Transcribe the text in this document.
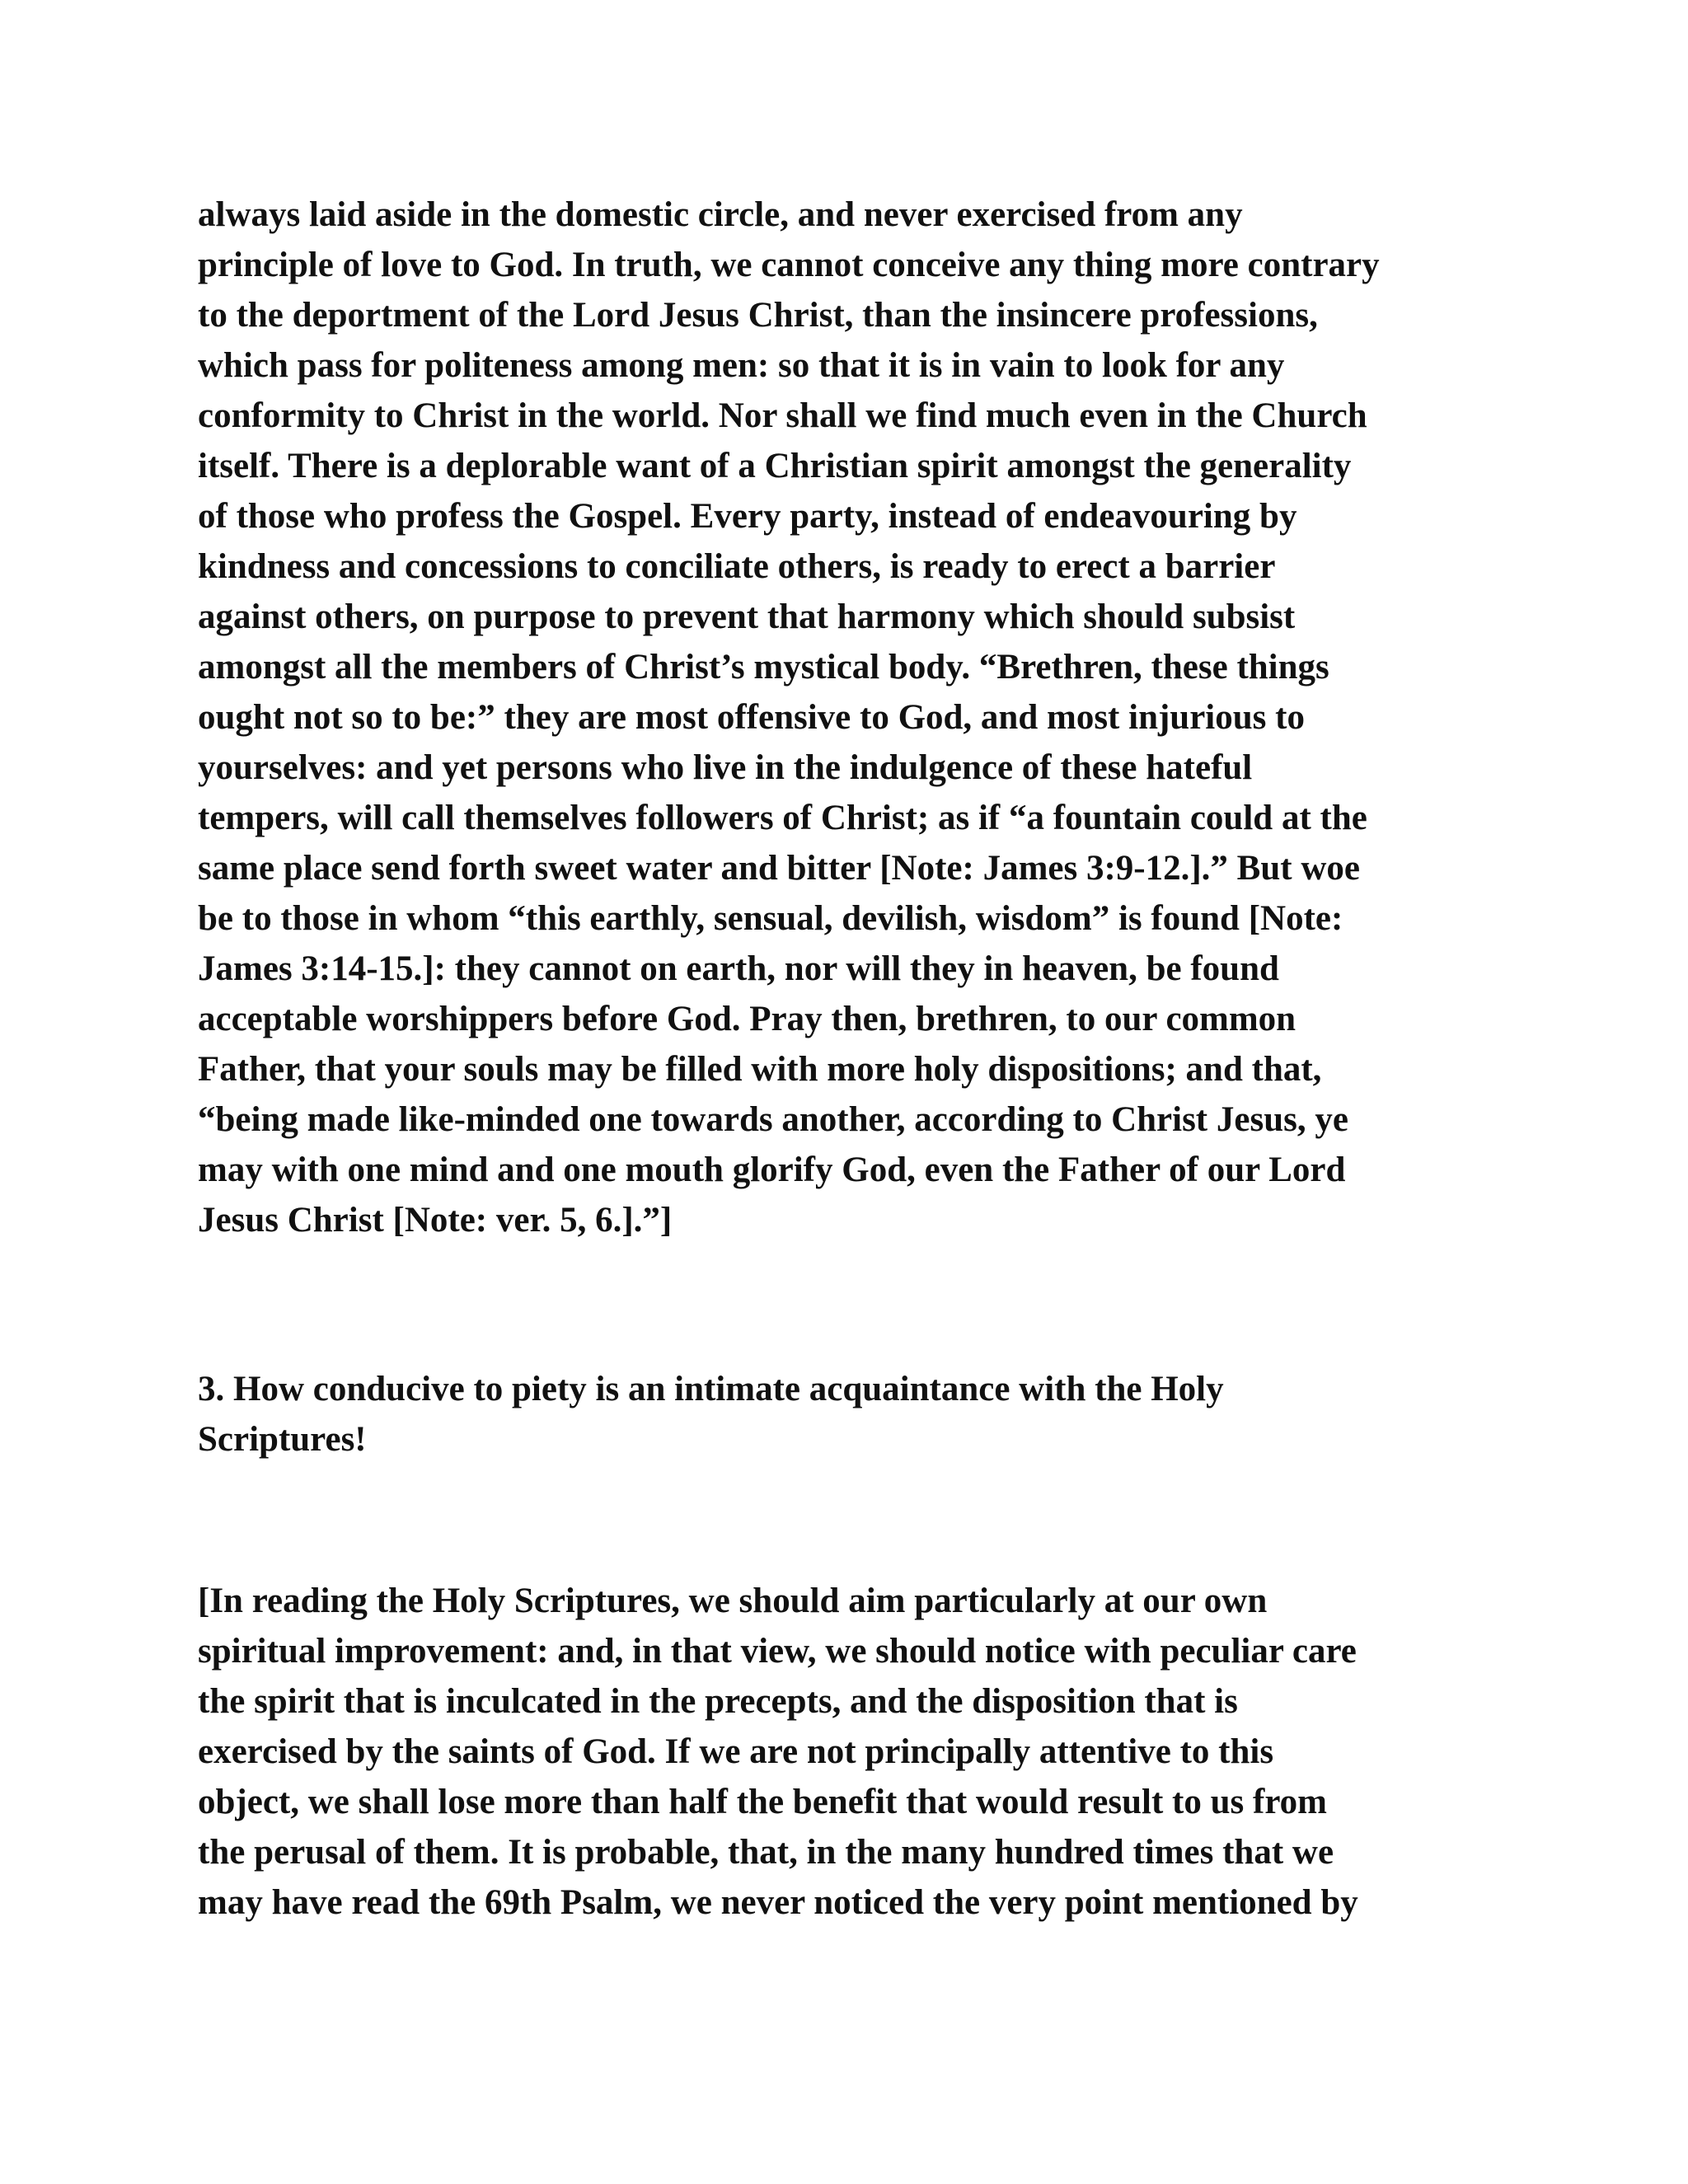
always laid aside in the domestic circle, and never exercised from any
principle of love to God. In truth, we cannot conceive any thing more contrary
to the deportment of the Lord Jesus Christ, than the insincere professions,
which pass for politeness among men: so that it is in vain to look for any
conformity to Christ in the world. Nor shall we find much even in the Church
itself. There is a deplorable want of a Christian spirit amongst the generality
of those who profess the Gospel. Every party, instead of endeavouring by
kindness and concessions to conciliate others, is ready to erect a barrier
against others, on purpose to prevent that harmony which should subsist
amongst all the members of Christ’s mystical body. “Brethren, these things
ought not so to be:” they are most offensive to God, and most injurious to
yourselves: and yet persons who live in the indulgence of these hateful
tempers, will call themselves followers of Christ; as if “a fountain could at the
same place send forth sweet water and bitter [Note: James 3:9-12.].” But woe
be to those in whom “this earthly, sensual, devilish, wisdom” is found [Note:
James 3:14-15.]: they cannot on earth, nor will they in heaven, be found
acceptable worshippers before God. Pray then, brethren, to our common
Father, that your souls may be filled with more holy dispositions; and that,
“being made like-minded one towards another, according to Christ Jesus, ye
may with one mind and one mouth glorify God, even the Father of our Lord
Jesus Christ [Note: ver. 5, 6.].”]

3. How conducive to piety is an intimate acquaintance with the Holy
Scriptures!

[In reading the Holy Scriptures, we should aim particularly at our own
spiritual improvement: and, in that view, we should notice with peculiar care
the spirit that is inculcated in the precepts, and the disposition that is
exercised by the saints of God. If we are not principally attentive to this
object, we shall lose more than half the benefit that would result to us from
the perusal of them. It is probable, that, in the many hundred times that we
may have read the 69th Psalm, we never noticed the very point mentioned by
